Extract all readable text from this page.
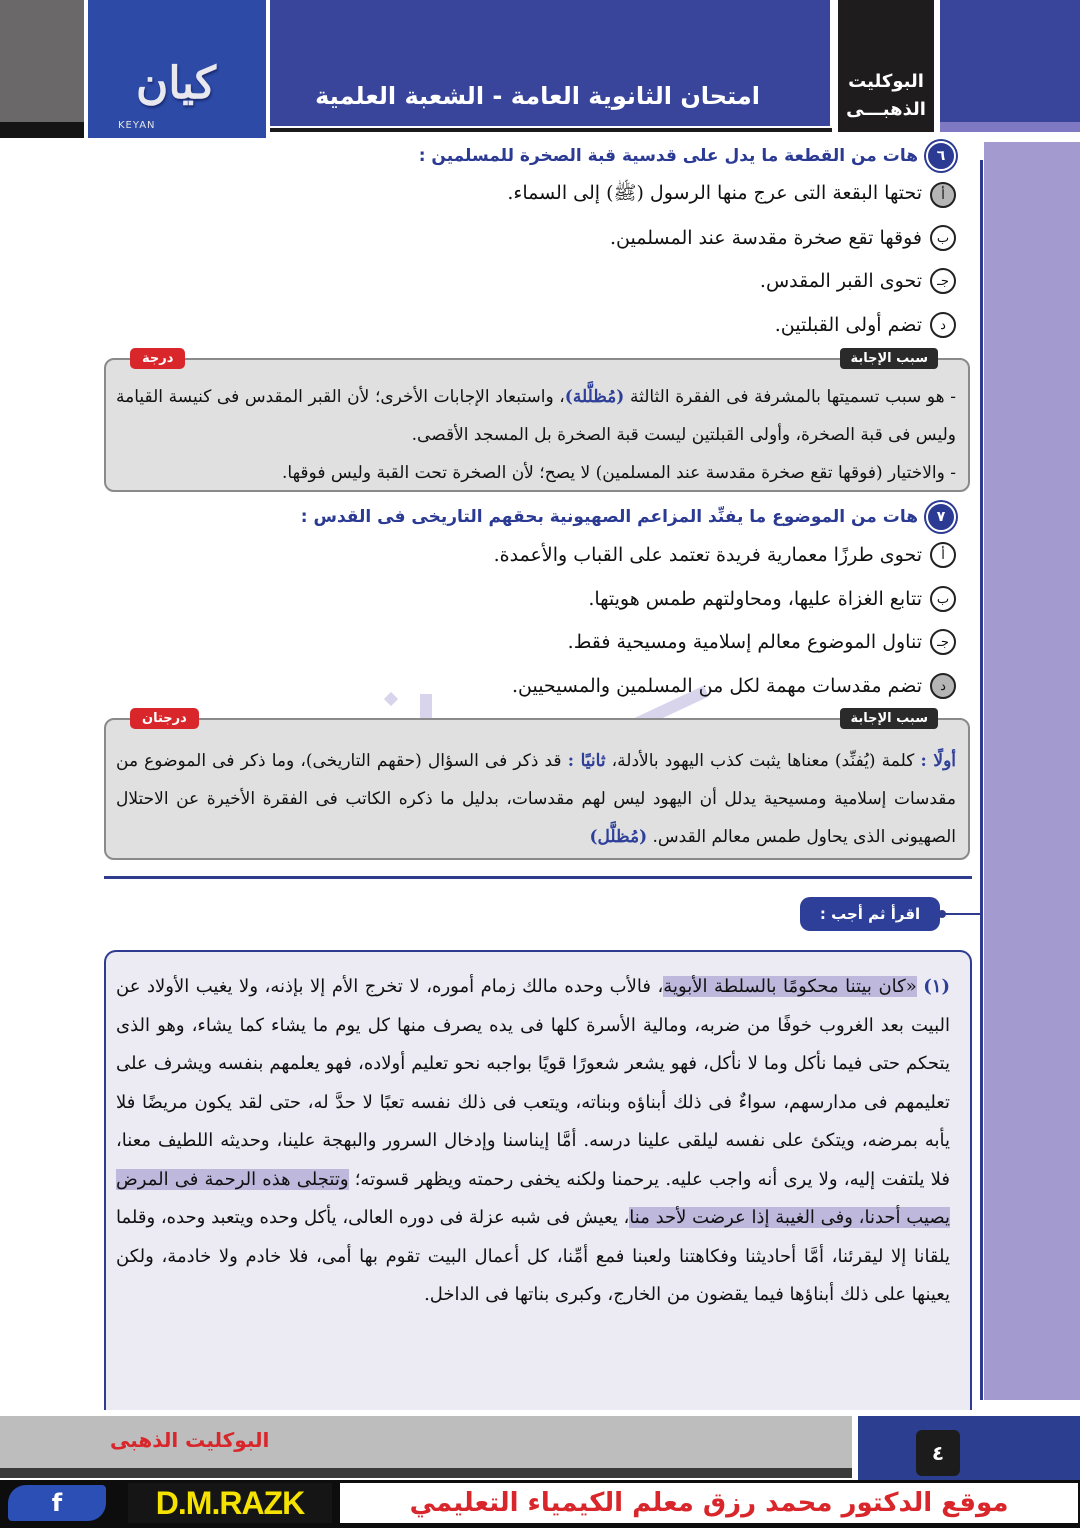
كيان
KEYAN
امتحان الثانوية العامة - الشعبة العلمية
البوكليت
الذهبـــى
٦
هات من القطعة ما يدل على قدسية قبة الصخرة للمسلمين :
أ
تحتها البقعة التى عرج منها الرسول (ﷺ) إلى السماء.
ب
فوقها تقع صخرة مقدسة عند المسلمين.
جـ
تحوى القبر المقدس.
د
تضم أولى القبلتين.
- هو سبب تسميتها بالمشرفة فى الفقرة الثالثة (مُظلَّلة)، واستبعاد الإجابات الأخرى؛ لأن القبر المقدس فى كنيسة القيامة وليس فى قبة الصخرة، وأولى القبلتين ليست قبة الصخرة بل المسجد الأقصى.
- والاختيار (فوقها تقع صخرة مقدسة عند المسلمين) لا يصح؛ لأن الصخرة تحت القبة وليس فوقها.
سبب الإجابة
درجة
٧
هات من الموضوع ما يفنِّد المزاعم الصهيونية بحقهم التاريخى فى القدس :
أ
تحوى طرزًا معمارية فريدة تعتمد على القباب والأعمدة.
ب
تتابع الغزاة عليها، ومحاولتهم طمس هويتها.
جـ
تناول الموضوع معالم إسلامية ومسيحية فقط.
د
تضم مقدسات مهمة لكل من المسلمين والمسيحيين.
أولًا : كلمة (يُفنِّد) معناها يثبت كذب اليهود بالأدلة، ثانيًا : قد ذكر فى السؤال (حقهم التاريخى)، وما ذكر فى الموضوع من مقدسات إسلامية ومسيحية يدلل أن اليهود ليس لهم مقدسات، بدليل ما ذكره الكاتب فى الفقرة الأخيرة عن الاحتلال الصهيونى الذى يحاول طمس معالم القدس. (مُظلَّل)
سبب الإجابة
درجتان
اقرأ ثم أجب :
(١) «كان بيتنا محكومًا بالسلطة الأبوية، فالأب وحده مالك زمام أموره، لا تخرج الأم إلا بإذنه، ولا يغيب الأولاد عن البيت بعد الغروب خوفًا من ضربه، ومالية الأسرة كلها فى يده يصرف منها كل يوم ما يشاء كما يشاء، وهو الذى يتحكم حتى فيما نأكل وما لا نأكل، فهو يشعر شعورًا قويًا بواجبه نحو تعليم أولاده، فهو يعلمهم بنفسه ويشرف على تعليمهم فى مدارسهم، سواءٌ فى ذلك أبناؤه وبناته، ويتعب فى ذلك نفسه تعبًا لا حدَّ له، حتى لقد يكون مريضًا فلا يأبه بمرضه، ويتكئ على نفسه ليلقى علينا درسه. أمَّا إيناسنا وإدخال السرور والبهجة علينا، وحديثه اللطيف معنا، فلا يلتفت إليه، ولا يرى أنه واجب عليه. يرحمنا ولكنه يخفى رحمته ويظهر قسوته؛ وتتجلى هذه الرحمة فى المرض يصيب أحدنا، وفى الغيبة إذا عرضت لأحد منا، يعيش فى شبه عزلة فى دوره العالى، يأكل وحده ويتعبد وحده، وقلما يلقانا إلا ليقرئنا، أمَّا أحاديثنا وفكاهتنا ولعبنا فمع أمِّنا، كل أعمال البيت تقوم بها أمى، فلا خادم ولا خادمة، ولكن يعينها على ذلك أبناؤها فيما يقضون من الخارج، وكبرى بناتها فى الداخل.
البوكليت الذهبى
٤
f	D.M.RAZK	موقع الدكتور محمد رزق معلم الكيمياء التعليمي
